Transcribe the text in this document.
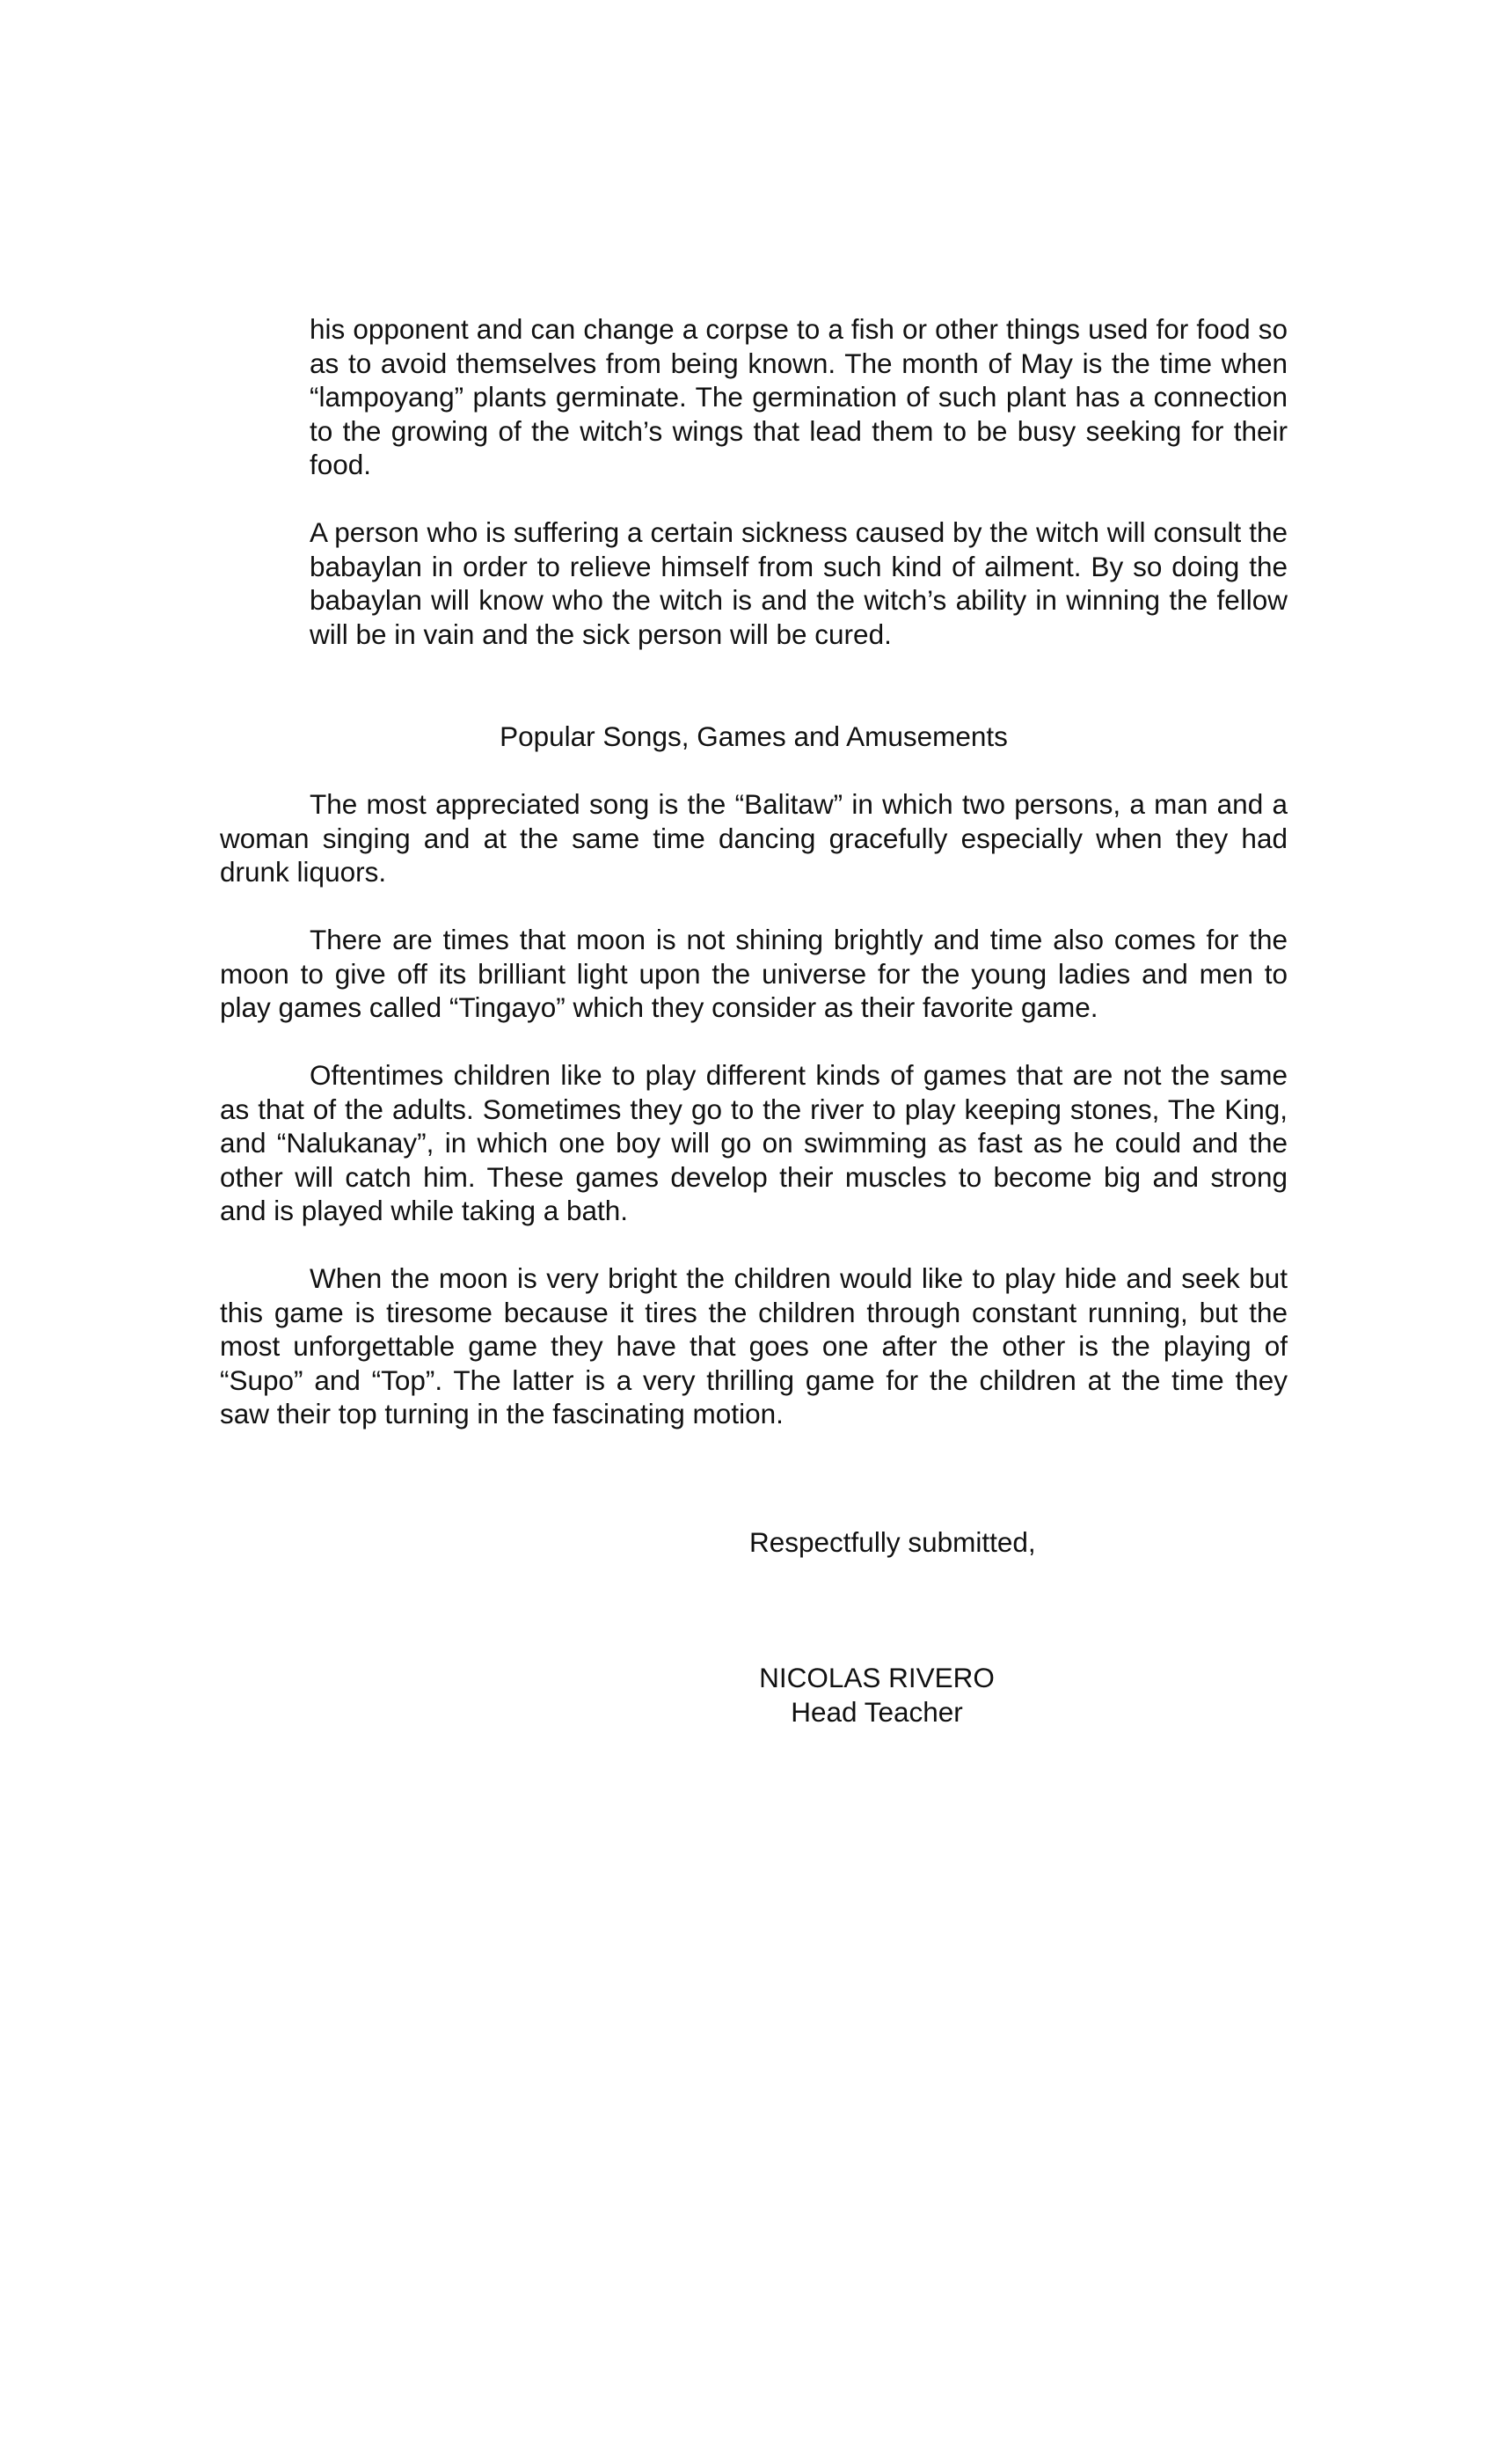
his opponent and can change a corpse to a fish or other things used for food so as to avoid themselves from being known. The month of May is the time when “lampoyang” plants germinate. The germination of such plant has a connection to the growing of the witch’s wings that lead them to be busy seeking for their food.

A person who is suffering a certain sickness caused by the witch will consult the babaylan in order to relieve himself from such kind of ailment. By so doing the babaylan will know who the witch is and the witch’s ability in winning the fellow will be in vain and the sick person will be cured.

Popular Songs, Games and Amusements

The most appreciated song is the “Balitaw” in which two persons, a man and a woman singing and at the same time dancing gracefully especially when they had drunk liquors.

There are times that moon is not shining brightly and time also comes for the moon to give off its brilliant light upon the universe for the young ladies and men to play games called “Tingayo” which they consider as their favorite game.

Oftentimes children like to play different kinds of games that are not the same as that of the adults. Sometimes they go to the river to play keeping stones, The King, and “Nalukanay”, in which one boy will go on swimming as fast as he could and the other will catch him. These games develop their muscles to become big and strong and is played while taking a bath.

When the moon is very bright the children would like to play hide and seek but this game is tiresome because it tires the children through constant running, but the most unforgettable game they have that goes one after the other is the playing of “Supo” and “Top”. The latter is a very thrilling game for the children at the time they saw their top turning in the fascinating motion.

Respectfully submitted,

NICOLAS RIVERO
Head Teacher
